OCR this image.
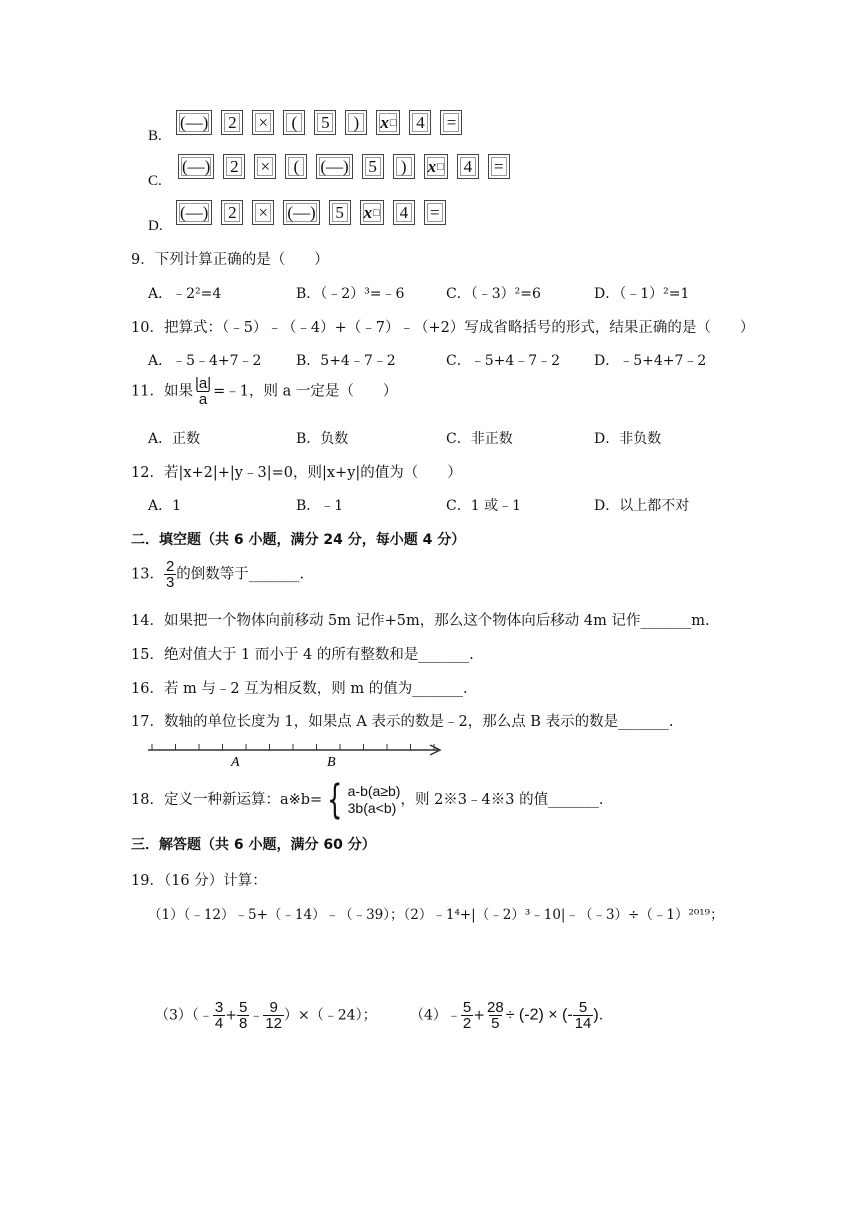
B.
(—)	2	×	(	5	)	x □	4	=
C.
(—)	2	×	(	(—)	5	)	x □	4	=
D.
(—)	2	×	(—)	5	x □	4	=
9．下列计算正确的是（　　）
A．﹣2²=4	B．（﹣2）³=﹣6	C．（﹣3）²=6	D．（﹣1）²=1
10．把算式：（﹣5）﹣（﹣4）+（﹣7）﹣（+2）写成省略括号的形式，结果正确的是（　　）
A．﹣5﹣4+7﹣2 B．5+4﹣7﹣2	C．﹣5+4﹣7﹣2 D．﹣5+4+7﹣2
11．如果 $\frac{|a|}{a}$ =﹣1，则 a 一定是（　　）
A．正数	B．负数	C．非正数	D．非负数
12．若|x+2|+|y﹣3|=0，则|x+y|的值为（　　）
A．1	B．﹣1	C．1 或﹣1	D．以上都不对
二．填空题（共 6 小题，满分 24 分，每小题 4 分）
13． $\frac{2}{3}$ 的倒数等于_______.
14．如果把一个物体向前移动 5m 记作+5m，那么这个物体向后移动 4m 记作_______m.
15．绝对值大于 1 而小于 4 的所有整数和是_______.
16．若 m 与﹣2 互为相反数，则 m 的值为_______.
17．数轴的单位长度为 1，如果点 A 表示的数是﹣2，那么点 B 表示的数是_______.
A	B
18．定义一种新运算：a※b= { a-b(a≥b)
3b(a<b) ，则 2※3﹣4※3 的值_______.
三．解答题（共 6 小题，满分 60 分）
19．（16 分）计算：
（1）（﹣12）﹣5+（﹣14）﹣（﹣39）；（2）﹣1⁴+|（﹣2）³﹣10|﹣（﹣3）÷（﹣1）²⁰¹⁹；
（3）（﹣ $\frac{3}{4} + \frac{5}{8}$ ﹣ $\frac{9}{12}$ ）×（﹣24）； （4）﹣ $\frac{5}{2} + \frac{28}{5} \div (-2)$ × (- $\frac{5}{14}$ ).
